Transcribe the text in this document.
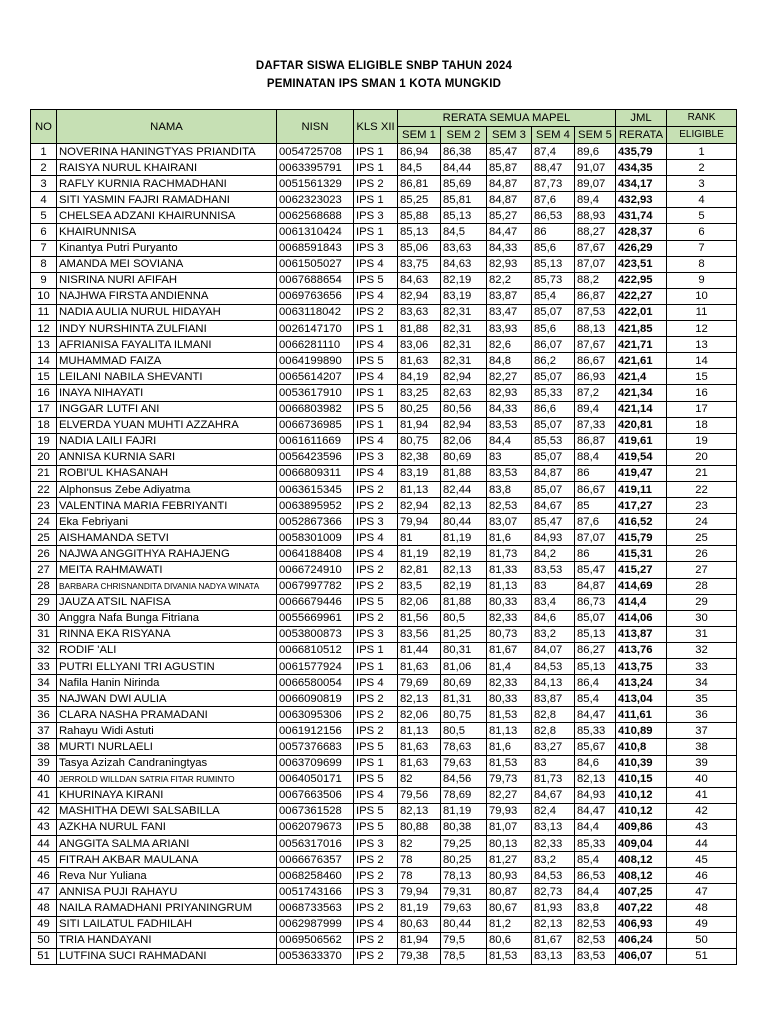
DAFTAR SISWA ELIGIBLE SNBP TAHUN 2024
PEMINATAN IPS SMAN 1 KOTA MUNGKID
NO	NAMA	NISN	KLS XII	RERATA SEMUA MAPEL					JML	RANK
				SEM 1	SEM 2	SEM 3	SEM 4	SEM 5	RERATA	ELIGIBLE
1	NOVERINA HANINGTYAS PRIANDITA	0054725708	IPS 1	86,94	86,38	85,47	87,4	89,6	435,79	1
2	RAISYA NURUL KHAIRANI	0063395791	IPS 1	84,5	84,44	85,87	88,47	91,07	434,35	2
3	RAFLY KURNIA RACHMADHANI	0051561329	IPS 2	86,81	85,69	84,87	87,73	89,07	434,17	3
4	SITI YASMIN FAJRI RAMADHANI	0062323023	IPS 1	85,25	85,81	84,87	87,6	89,4	432,93	4
5	CHELSEA ADZANI KHAIRUNNISA	0062568688	IPS 3	85,88	85,13	85,27	86,53	88,93	431,74	5
6	KHAIRUNNISA	0061310424	IPS 1	85,13	84,5	84,47	86	88,27	428,37	6
7	Kinantya Putri Puryanto	0068591843	IPS 3	85,06	83,63	84,33	85,6	87,67	426,29	7
8	AMANDA MEI SOVIANA	0061505027	IPS 4	83,75	84,63	82,93	85,13	87,07	423,51	8
9	NISRINA NURI AFIFAH	0067688654	IPS 5	84,63	82,19	82,2	85,73	88,2	422,95	9
10	NAJHWA FIRSTA ANDIENNA	0069763656	IPS 4	82,94	83,19	83,87	85,4	86,87	422,27	10
11	NADIA AULIA NURUL HIDAYAH	0063118042	IPS 2	83,63	82,31	83,47	85,07	87,53	422,01	11
12	INDY NURSHINTA ZULFIANI	0026147170	IPS 1	81,88	82,31	83,93	85,6	88,13	421,85	12
13	AFRIANISA FAYALITA ILMANI	0066281110	IPS 4	83,06	82,31	82,6	86,07	87,67	421,71	13
14	MUHAMMAD FAIZA	0064199890	IPS 5	81,63	82,31	84,8	86,2	86,67	421,61	14
15	LEILANI NABILA SHEVANTI	0065614207	IPS 4	84,19	82,94	82,27	85,07	86,93	421,4	15
16	INAYA NIHAYATI	0053617910	IPS 1	83,25	82,63	82,93	85,33	87,2	421,34	16
17	INGGAR LUTFI ANI	0066803982	IPS 5	80,25	80,56	84,33	86,6	89,4	421,14	17
18	ELVERDA YUAN MUHTI AZZAHRA	0066736985	IPS 1	81,94	82,94	83,53	85,07	87,33	420,81	18
19	NADIA LAILI FAJRI	0061611669	IPS 4	80,75	82,06	84,4	85,53	86,87	419,61	19
20	ANNISA KURNIA SARI	0056423596	IPS 3	82,38	80,69	83	85,07	88,4	419,54	20
21	ROBI'UL KHASANAH	0066809311	IPS 4	83,19	81,88	83,53	84,87	86	419,47	21
22	Alphonsus Zebe Adiyatma	0063615345	IPS 2	81,13	82,44	83,8	85,07	86,67	419,11	22
23	VALENTINA MARIA FEBRIYANTI	0063895952	IPS 2	82,94	82,13	82,53	84,67	85	417,27	23
24	Eka Febriyani	0052867366	IPS 3	79,94	80,44	83,07	85,47	87,6	416,52	24
25	AISHAMANDA SETVI	0058301009	IPS 4	81	81,19	81,6	84,93	87,07	415,79	25
26	NAJWA ANGGITHYA RAHAJENG	0064188408	IPS 4	81,19	82,19	81,73	84,2	86	415,31	26
27	MEITA RAHMAWATI	0066724910	IPS 2	82,81	82,13	81,33	83,53	85,47	415,27	27
28	BARBARA CHRISNANDITA DIVANIA NADYA WINATA	0067997782	IPS 2	83,5	82,19	81,13	83	84,87	414,69	28
29	JAUZA ATSIL NAFISA	0066679446	IPS 5	82,06	81,88	80,33	83,4	86,73	414,4	29
30	Anggra Nafa Bunga Fitriana	0055669961	IPS 2	81,56	80,5	82,33	84,6	85,07	414,06	30
31	RINNA EKA RISYANA	0053800873	IPS 3	83,56	81,25	80,73	83,2	85,13	413,87	31
32	RODIF 'ALI	0066810512	IPS 1	81,44	80,31	81,67	84,07	86,27	413,76	32
33	PUTRI ELLYANI TRI AGUSTIN	0061577924	IPS 1	81,63	81,06	81,4	84,53	85,13	413,75	33
34	Nafila Hanin Nirinda	0066580054	IPS 4	79,69	80,69	82,33	84,13	86,4	413,24	34
35	NAJWAN DWI AULIA	0066090819	IPS 2	82,13	81,31	80,33	83,87	85,4	413,04	35
36	CLARA NASHA PRAMADANI	0063095306	IPS 2	82,06	80,75	81,53	82,8	84,47	411,61	36
37	Rahayu Widi Astuti	0061912156	IPS 2	81,13	80,5	81,13	82,8	85,33	410,89	37
38	MURTI NURLAELI	0057376683	IPS 5	81,63	78,63	81,6	83,27	85,67	410,8	38
39	Tasya Azizah Candraningtyas	0063709699	IPS 1	81,63	79,63	81,53	83	84,6	410,39	39
40	JERROLD WILLDAN SATRIA FITAR RUMINTO	0064050171	IPS 5	82	84,56	79,73	81,73	82,13	410,15	40
41	KHURINAYA KIRANI	0067663506	IPS 4	79,56	78,69	82,27	84,67	84,93	410,12	41
42	MASHITHA DEWI SALSABILLA	0067361528	IPS 5	82,13	81,19	79,93	82,4	84,47	410,12	42
43	AZKHA NURUL FANI	0062079673	IPS 5	80,88	80,38	81,07	83,13	84,4	409,86	43
44	ANGGITA SALMA ARIANI	0056317016	IPS 3	82	79,25	80,13	82,33	85,33	409,04	44
45	FITRAH AKBAR MAULANA	0066676357	IPS 2	78	80,25	81,27	83,2	85,4	408,12	45
46	Reva Nur Yuliana	0068258460	IPS 2	78	78,13	80,93	84,53	86,53	408,12	46
47	ANNISA PUJI RAHAYU	0051743166	IPS 3	79,94	79,31	80,87	82,73	84,4	407,25	47
48	NAILA RAMADHANI PRIYANINGRUM	0068733563	IPS 2	81,19	79,63	80,67	81,93	83,8	407,22	48
49	SITI LAILATUL FADHILAH	0062987999	IPS 4	80,63	80,44	81,2	82,13	82,53	406,93	49
50	TRIA HANDAYANI	0069506562	IPS 2	81,94	79,5	80,6	81,67	82,53	406,24	50
51	LUTFINA SUCI RAHMADANI	0053633370	IPS 2	79,38	78,5	81,53	83,13	83,53	406,07	51
